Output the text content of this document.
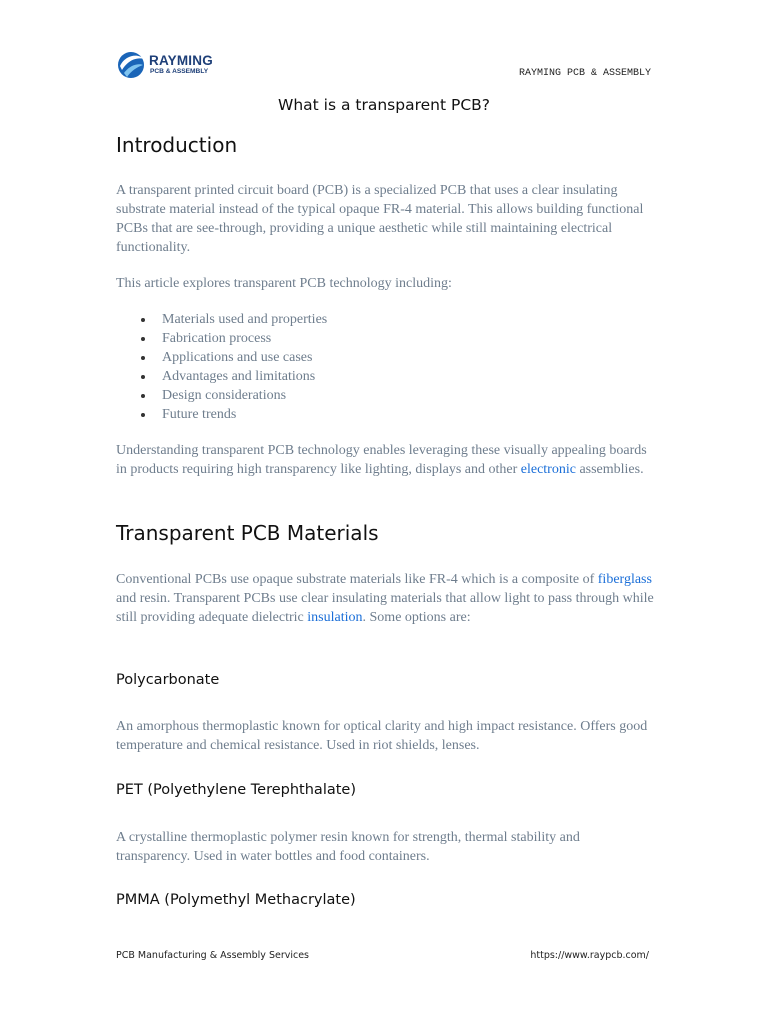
RAYMING
PCB & ASSEMBLY	RAYMING PCB & ASSEMBLY
What is a transparent PCB?
Introduction

A transparent printed circuit board (PCB) is a specialized PCB that uses a clear insulating substrate material instead of the typical opaque FR-4 material. This allows building functional PCBs that are see-through, providing a unique aesthetic while still maintaining electrical functionality.

This article explores transparent PCB technology including:

Materials used and properties
Fabrication process
Applications and use cases
Advantages and limitations
Design considerations
Future trends

Understanding transparent PCB technology enables leveraging these visually appealing boards in products requiring high transparency like lighting, displays and other electronic assemblies.

Transparent PCB Materials

Conventional PCBs use opaque substrate materials like FR-4 which is a composite of fiberglass and resin. Transparent PCBs use clear insulating materials that allow light to pass through while still providing adequate dielectric insulation. Some options are:

Polycarbonate

An amorphous thermoplastic known for optical clarity and high impact resistance. Offers good temperature and chemical resistance. Used in riot shields, lenses.

PET (Polyethylene Terephthalate)

A crystalline thermoplastic polymer resin known for strength, thermal stability and transparency. Used in water bottles and food containers.

PMMA (Polymethyl Methacrylate)
PCB Manufacturing & Assembly Services	https://www.raypcb.com/
